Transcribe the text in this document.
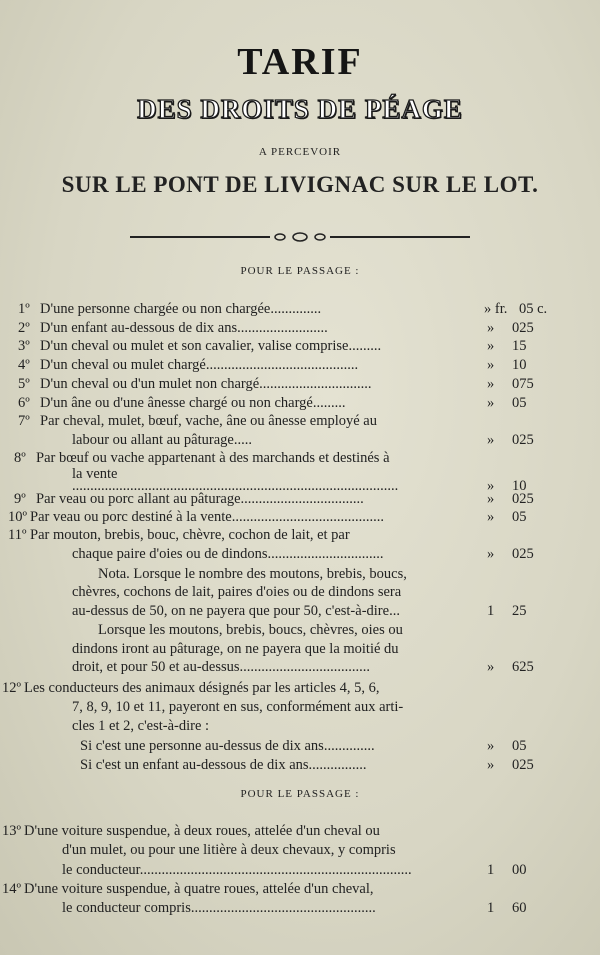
TARIF
DES DROITS DE PÉAGE
A PERCEVOIR
SUR LE PONT DE LIVIGNAC SUR LE LOT.
POUR LE PASSAGE :
1º D'une personne chargée ou non chargée..............	» fr. 05 c.
2º D'un enfant au-dessous de dix ans.........................	» 025
3º D'un cheval ou mulet et son cavalier, valise comprise.........	» 15
4º D'un cheval ou mulet chargé..........................................	» 10
5º D'un cheval ou d'un mulet non chargé...............................	» 075
6º D'un âne ou d'une ânesse chargé ou non chargé.........	» 05
7º Par cheval, mulet, bœuf, vache, âne ou ânesse employé au
labour ou allant au pâturage.....	» 025
8º Par bœuf ou vache appartenant à des marchands et destinés à
la vente
..........................................................................................	» 10
9º Par veau ou porc allant au pâturage..................................	» 025
10º Par veau ou porc destiné à la vente..........................................	» 05
11º Par mouton, brebis, bouc, chèvre, cochon de lait, et par
chaque paire d'oies ou de dindons................................	» 025
Nota. Lorsque le nombre des moutons, brebis, boucs,
chèvres, cochons de lait, paires d'oies ou de dindons sera
au-dessus de 50, on ne payera que pour 50, c'est-à-dire...	1 25
Lorsque les moutons, brebis, boucs, chèvres, oies ou
dindons iront au pâturage, on ne payera que la moitié du
droit, et pour 50 et au-dessus....................................	» 625
12º Les conducteurs des animaux désignés par les articles 4, 5, 6,
7, 8, 9, 10 et 11, payeront en sus, conformément aux arti-
cles 1 et 2, c'est-à-dire :
Si c'est une personne au-dessus de dix ans..............	» 05
Si c'est un enfant au-dessous de dix ans................	» 025
13º D'une voiture suspendue, à deux roues, attelée d'un cheval ou
d'un mulet, ou pour une litière à deux chevaux, y compris
le conducteur...........................................................................	1 00
14º D'une voiture suspendue, à quatre roues, attelée d'un cheval,
le conducteur compris...................................................	1 60
POUR LE PASSAGE :
